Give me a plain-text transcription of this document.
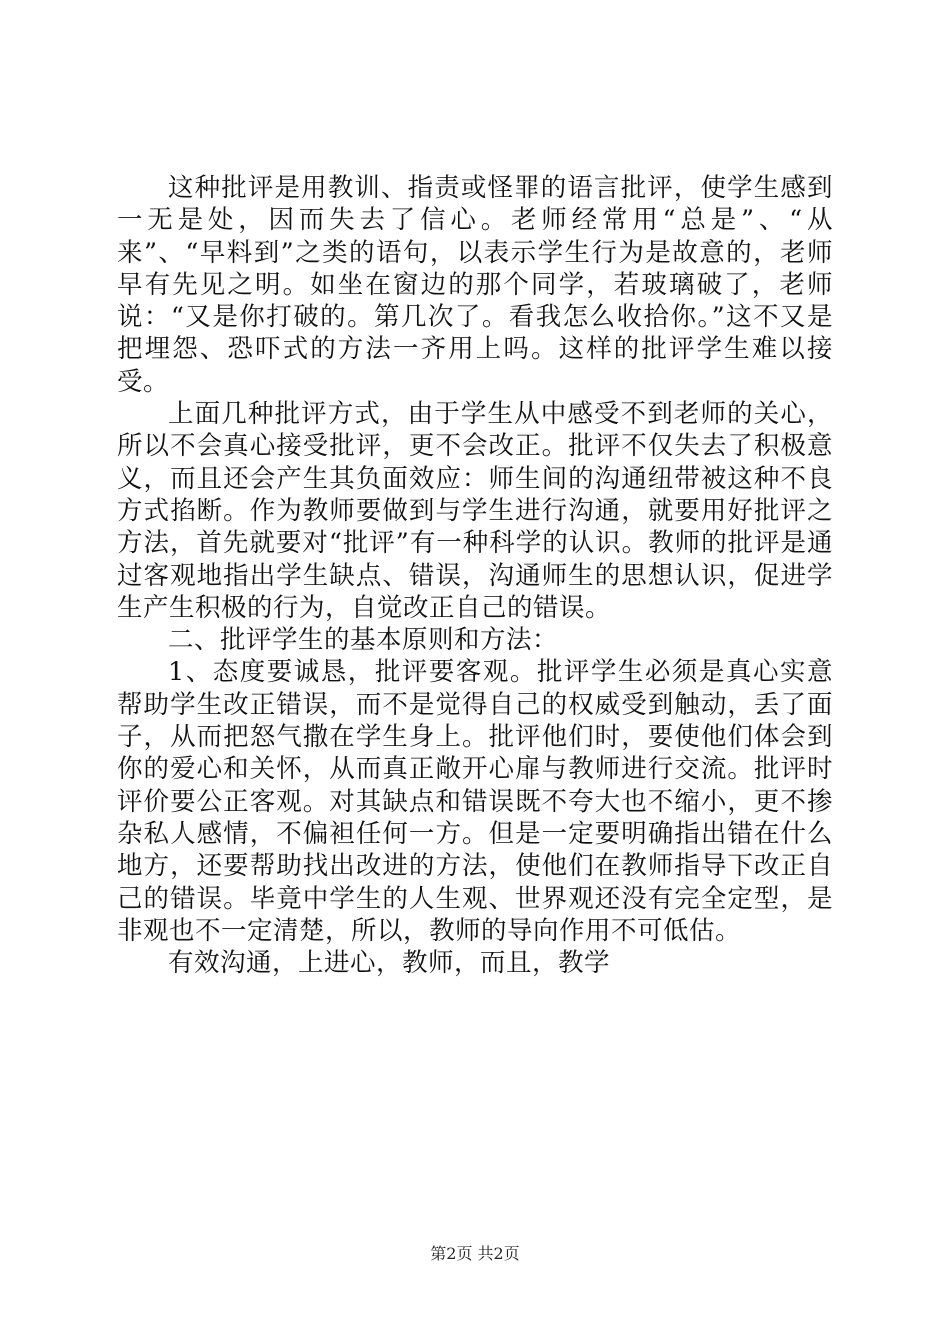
这种批评是用教训、指责或怪罪的语言批评，使学生感到一无是处，因而失去了信心。老师经常用“总是”、“从来”、“早料到”之类的语句，以表示学生行为是故意的，老师早有先见之明。如坐在窗边的那个同学，若玻璃破了，老师说：“又是你打破的。第几次了。看我怎么收拾你。”这不又是把埋怨、恐吓式的方法一齐用上吗。这样的批评学生难以接受。

上面几种批评方式，由于学生从中感受不到老师的关心，所以不会真心接受批评，更不会改正。批评不仅失去了积极意义，而且还会产生其负面效应：师生间的沟通纽带被这种不良方式掐断。作为教师要做到与学生进行沟通，就要用好批评之方法，首先就要对“批评”有一种科学的认识。教师的批评是通过客观地指出学生缺点、错误，沟通师生的思想认识，促进学生产生积极的行为，自觉改正自己的错误。

二、批评学生的基本原则和方法：

1、态度要诚恳，批评要客观。批评学生必须是真心实意帮助学生改正错误，而不是觉得自己的权威受到触动，丢了面子，从而把怒气撒在学生身上。批评他们时，要使他们体会到你的爱心和关怀，从而真正敞开心扉与教师进行交流。批评时评价要公正客观。对其缺点和错误既不夸大也不缩小，更不掺杂私人感情，不偏袒任何一方。但是一定要明确指出错在什么地方，还要帮助找出改进的方法，使他们在教师指导下改正自己的错误。毕竟中学生的人生观、世界观还没有完全定型，是非观也不一定清楚，所以，教师的导向作用不可低估。

有效沟通，上进心，教师，而且，教学

第2页 共2页
